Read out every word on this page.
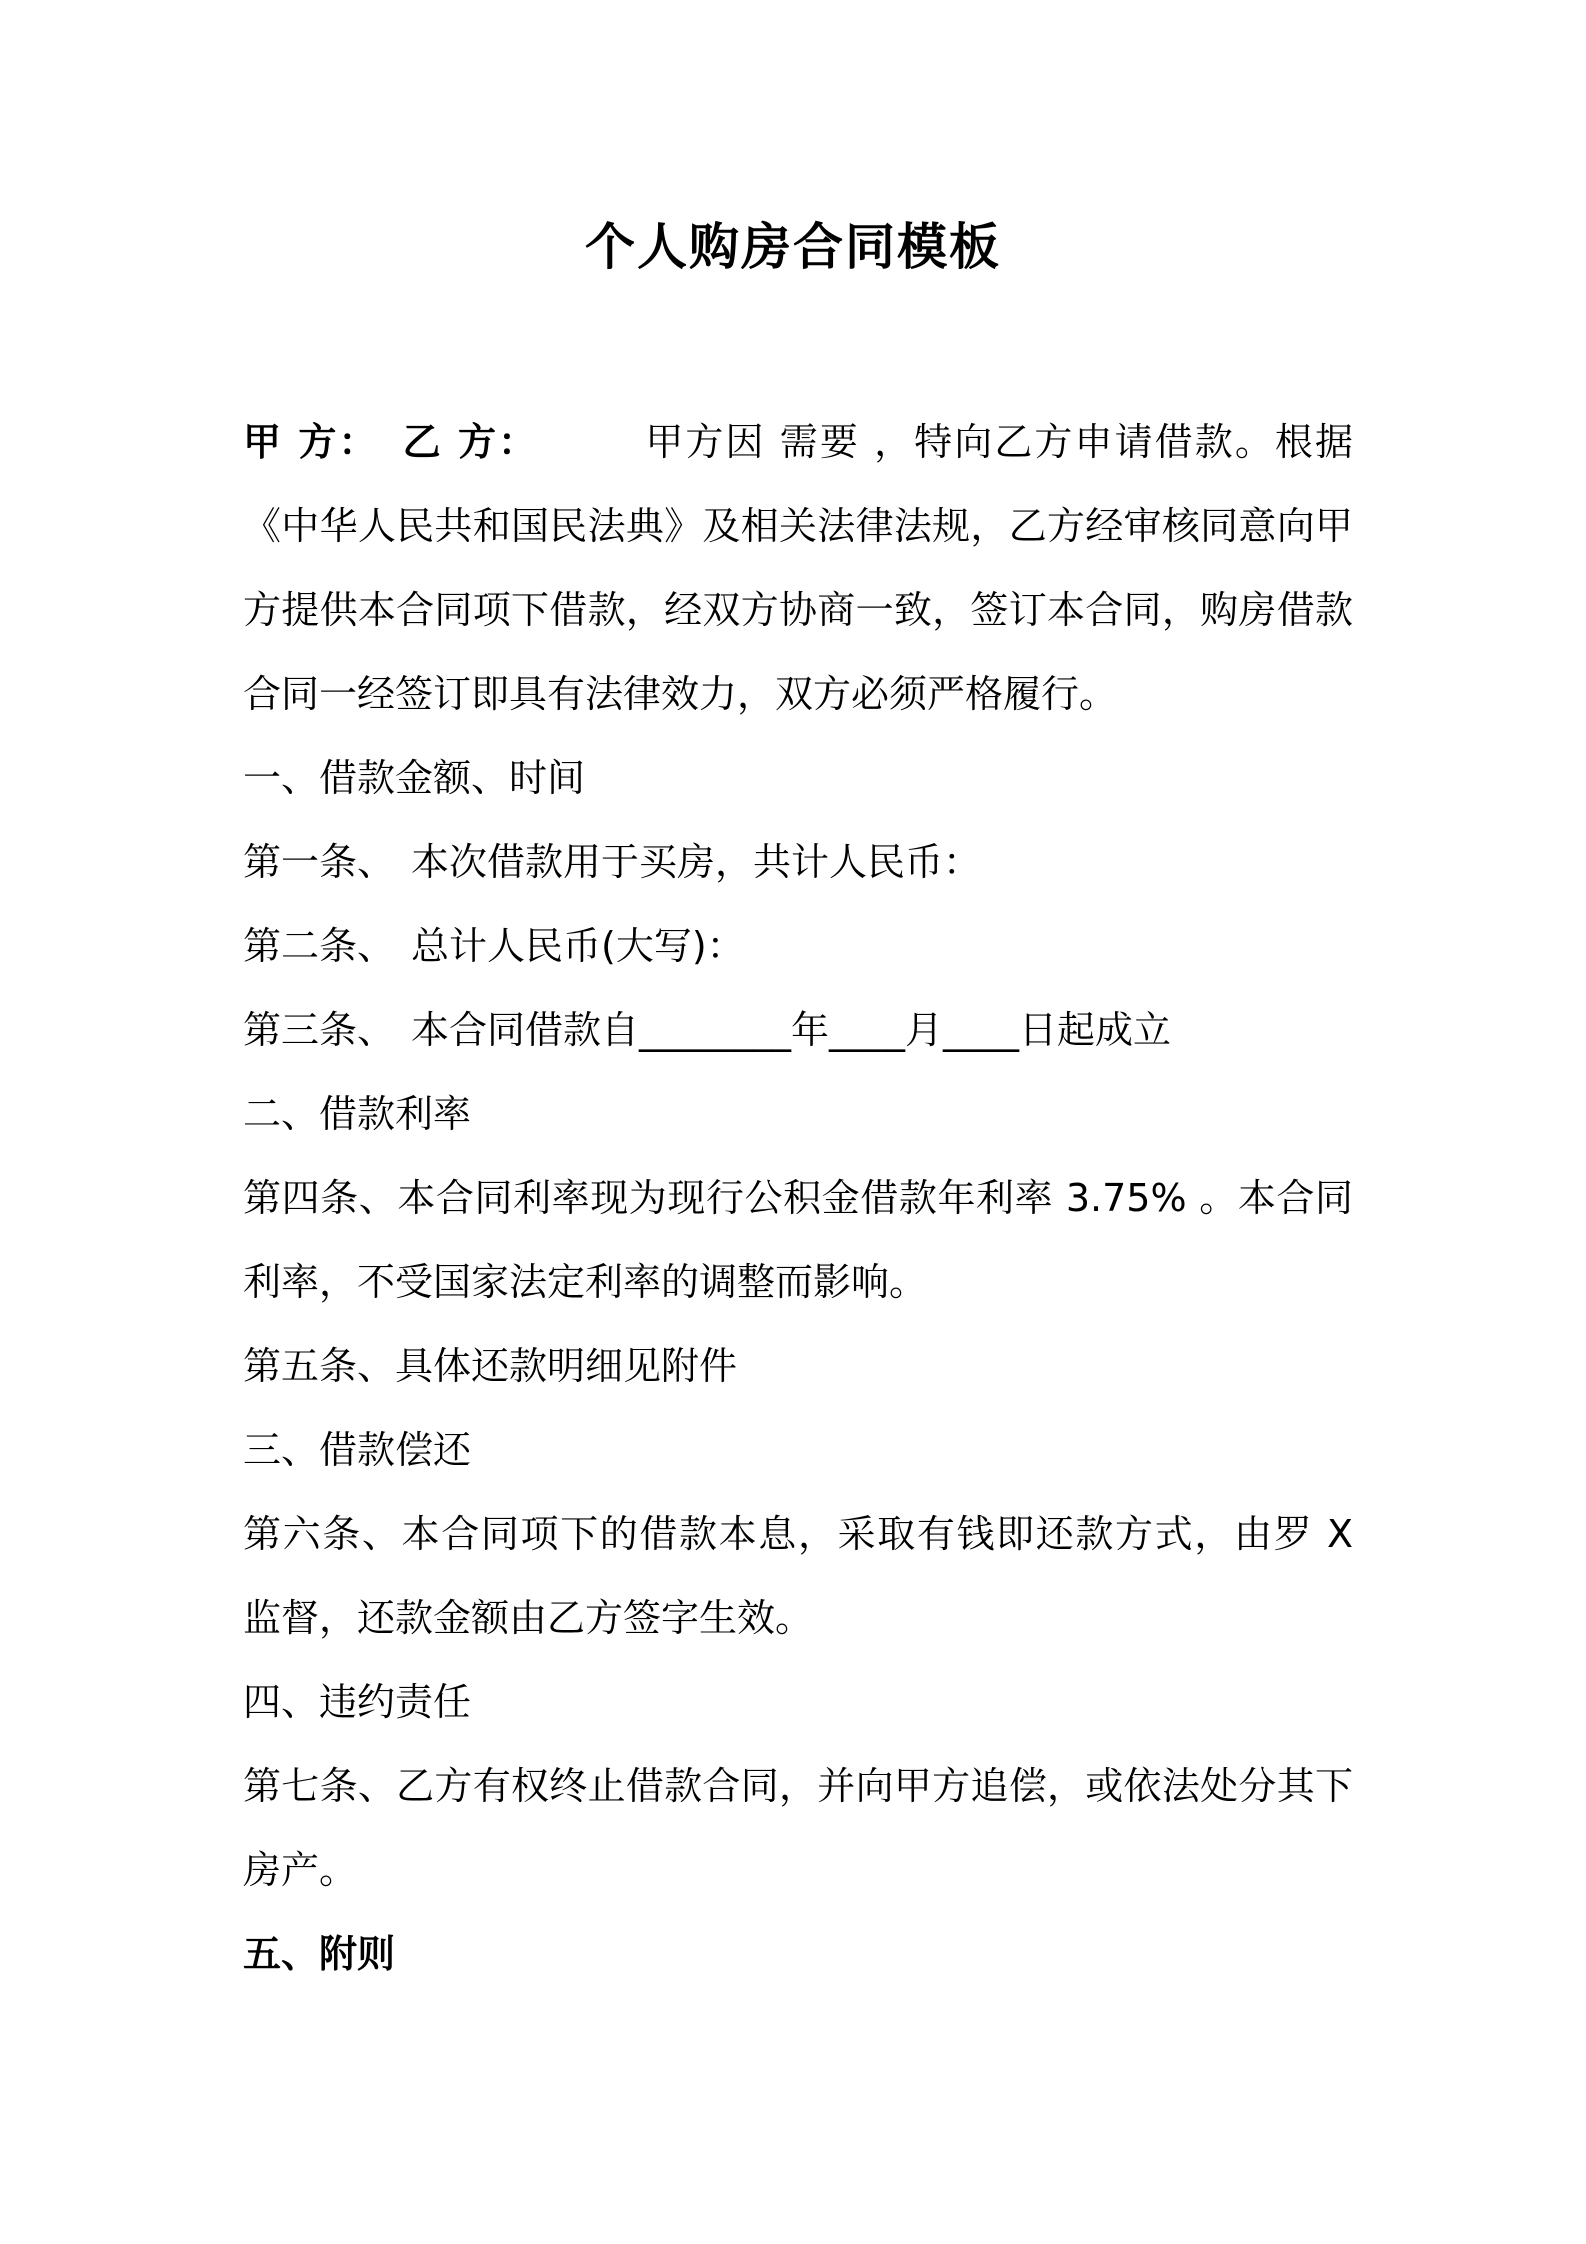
个人购房合同模板

甲 方： 乙 方：	甲方因 需要 ，特向乙方申请借款。根据《中华人民共和国民法典》及相关法律法规，乙方经审核同意向甲方提供本合同项下借款，经双方协商一致，签订本合同，购房借款合同一经签订即具有法律效力，双方必须严格履行。

一、借款金额、时间

第一条、 本次借款用于买房，共计人民币：

第二条、 总计人民币(大写)：

第三条、 本合同借款自________年____月____日起成立

二、借款利率

第四条、本合同利率现为现行公积金借款年利率 3.75% 。本合同利率，不受国家法定利率的调整而影响。

第五条、具体还款明细见附件

三、借款偿还

第六条、本合同项下的借款本息，采取有钱即还款方式，由罗 X 监督，还款金额由乙方签字生效。

四、违约责任

第七条、乙方有权终止借款合同，并向甲方追偿，或依法处分其下房产。

五、附则
